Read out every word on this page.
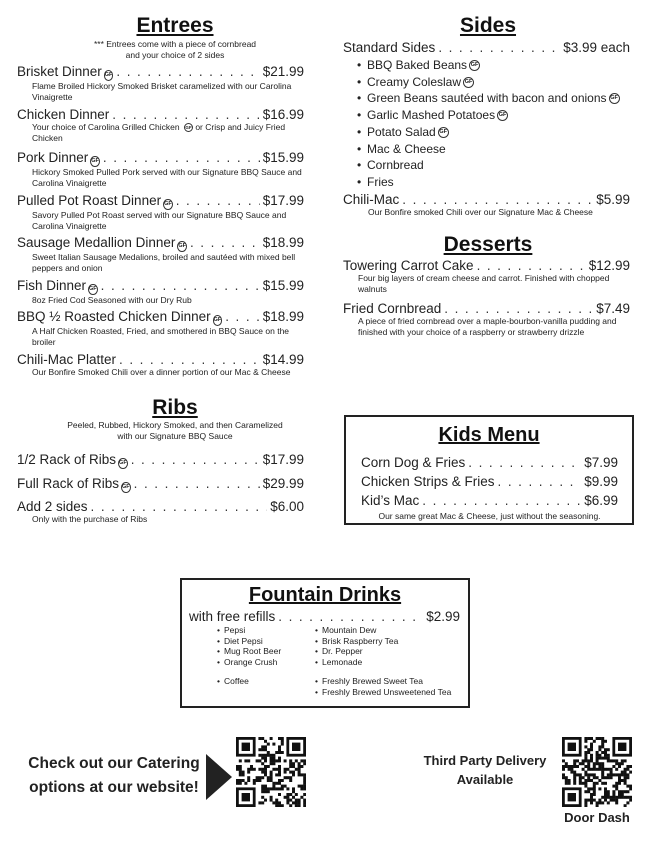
Entrees
*** Entrees come with a piece of cornbread
and your choice of 2 sides
Brisket Dinner GF . . .	$21.99
Flame Broiled Hickory Smoked Brisket caramelized with our Carolina Vinaigrette
Chicken Dinner . . .	$16.99
Your choice of Carolina Grilled Chicken GF or Crisp and Juicy Fried Chicken
Pork Dinner GF . . .	$15.99
Hickory Smoked Pulled Pork served with our Signature BBQ Sauce and Carolina Vinaigrette
Pulled Pot Roast Dinner GF . . .	$17.99
Savory Pulled Pot Roast served with our Signature BBQ Sauce and Carolina Vinaigrette
Sausage Medallion Dinner GF . . .	$18.99
Sweet Italian Sausage Medalions, broiled and sautéed with mixed bell peppers and onion
Fish Dinner GF . . .	$15.99
8oz Fried Cod Seasoned with our Dry Rub
BBQ ½ Roasted Chicken Dinner GF . . .	$18.99
A Half Chicken Roasted, Fried, and smothered in BBQ Sauce on the broiler
Chili-Mac Platter . . .	$14.99
Our Bonfire Smoked Chili over a dinner portion of our Mac & Cheese
Ribs
Peeled, Rubbed, Hickory Smoked, and then Caramelized
with our Signature BBQ Sauce
1/2 Rack of Ribs GF . . .	$17.99
Full Rack of Ribs GF . . .	$29.99
Add 2 sides . . .	$6.00
Only with the purchase of Ribs
Sides
Standard Sides . . .	$3.99 each
• BBQ Baked Beans GF
• Creamy Coleslaw GF
• Green Beans sautéed with bacon and onions GF
• Garlic Mashed Potatoes GF
• Potato Salad GF
• Mac & Cheese
• Cornbread
• Fries
Chili-Mac . . .	$5.99
Our Bonfire smoked Chili over our Signature Mac & Cheese
Desserts
Towering Carrot Cake . . .	$12.99
Four big layers of cream cheese and carrot. Finished with chopped walnuts
Fried Cornbread . . .	$7.49
A piece of fried cornbread over a maple-bourbon-vanilla pudding and finished with your choice of a raspberry or strawberry drizzle
Kids Menu
Corn Dog & Fries . . .	$7.99
Chicken Strips & Fries . . .	$9.99
Kid’s Mac . . .	$6.99
Our same great Mac & Cheese, just without the seasoning.
Fountain Drinks
with free refills . . .	$2.99
• Pepsi
• Diet Pepsi
• Mug Root Beer
• Orange Crush
• Coffee
• Mountain Dew
• Brisk Raspberry Tea
• Dr. Pepper
• Lemonade
• Freshly Brewed Sweet Tea
• Freshly Brewed Unsweetened Tea
Check out our Catering
options at our website!
Third Party Delivery
Available
Door Dash
